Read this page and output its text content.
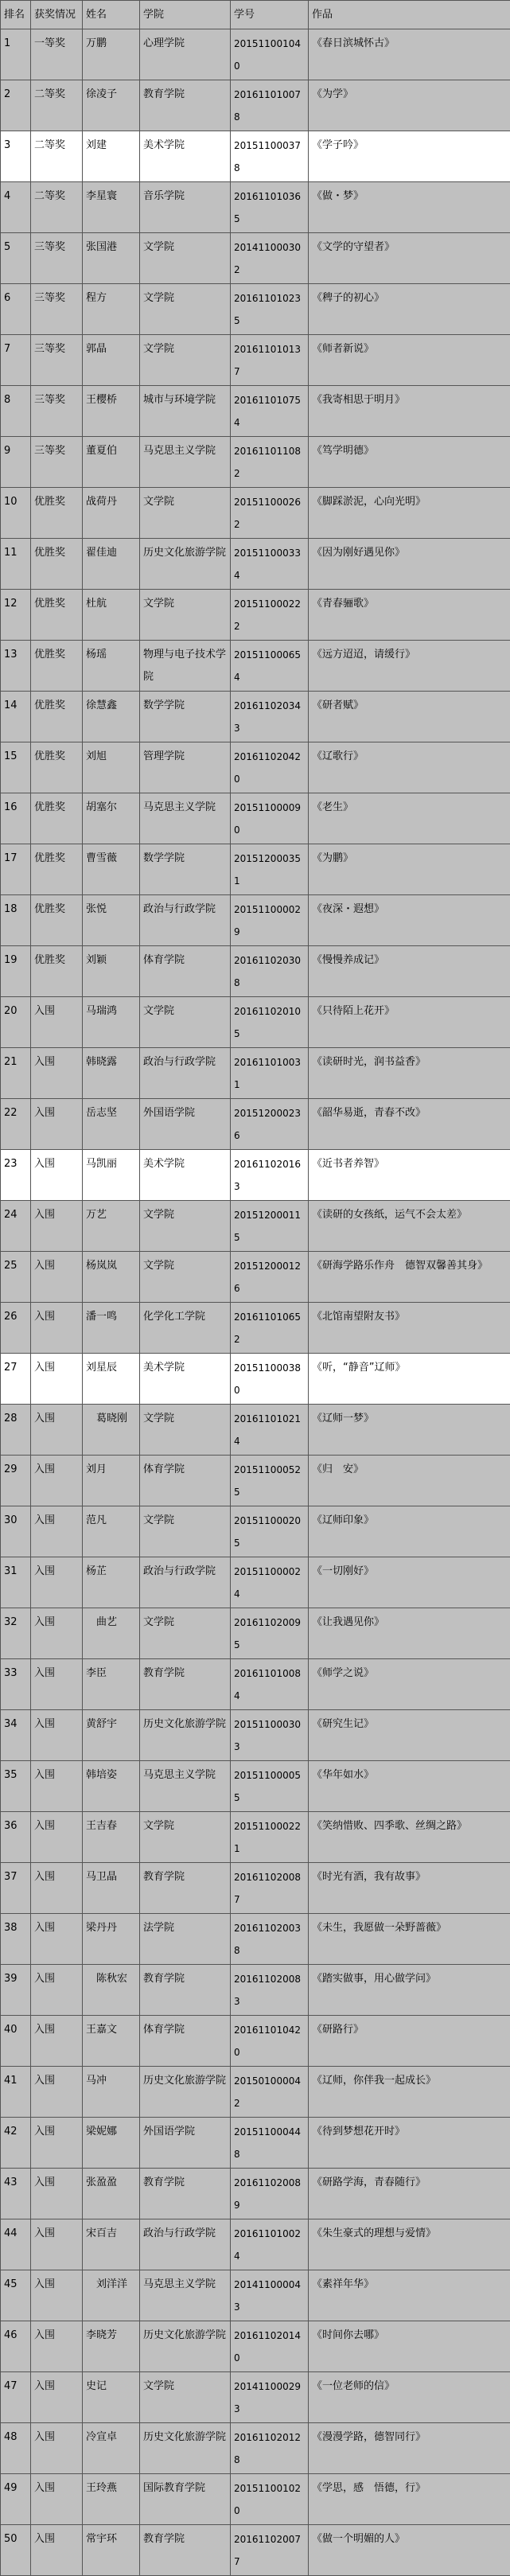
排名	获奖情况	姓名	学院	学号	作品
1	一等奖	万鹏	心理学院	201511001040	《春日滨城怀古》
2	二等奖	徐凌子	教育学院	201611010078	《为学》
3	二等奖	刘建	美术学院	201511000378	《学子吟》
4	二等奖	李星寰	音乐学院	201611010365	《做・梦》
5	三等奖	张国港	文学院	201411000302	《文学的守望者》
6	三等奖	程方	文学院	201611010235	《稗子的初心》
7	三等奖	郭晶	文学院	201611010137	《师者新说》
8	三等奖	王樱桥	城市与环境学院	201611010754	《我寄相思于明月》
9	三等奖	董夏伯	马克思主义学院	201611011082	《笃学明德》
10	优胜奖	战荷丹	文学院	201511000262	《脚踩淤泥，心向光明》
11	优胜奖	翟佳迪	历史文化旅游学院	201511000334	《因为刚好遇见你》
12	优胜奖	杜航	文学院	201511000222	《青春骊歌》
13	优胜奖	杨瑶	物理与电子技术学院	201511000654	《远方迢迢，请缓行》
14	优胜奖	徐慧鑫	数学学院	201611020343	《研者赋》
15	优胜奖	刘旭	管理学院	201611020420	《辽歌行》
16	优胜奖	胡塞尔	马克思主义学院	201511000090	《老生》
17	优胜奖	曹雪薇	数学学院	201512000351	《为鹏》
18	优胜奖	张悦	政治与行政学院	201511000029	《夜深・遐想》
19	优胜奖	刘颖	体育学院	201611020308	《慢慢养成记》
20	入围	马瑞鸿	文学院	201611020105	《只待陌上花开》
21	入围	韩晓露	政治与行政学院	201611010031	《读研时光，润书益香》
22	入围	岳志坚	外国语学院	201512000236	《韶华易逝，青春不改》
23	入围	马凯丽	美术学院	201611020163	《近书者养智》
24	入围	万艺	文学院	201512000115	《读研的女孩纸，运气不会太差》
25	入围	杨岚岚	文学院	201512000126	《研海学路乐作舟　德智双馨善其身》
26	入围	潘一鸣	化学化工学院	201611010652	《北馆南望附友书》
27	入围	刘星辰	美术学院	201511000380	《听，“静音”辽师》
28	入围	　葛晓刚	文学院	201611010214	《辽师一梦》
29	入围	刘月	体育学院	201511000525	《归　安》
30	入围	范凡	文学院	201511000205	《辽师印象》
31	入围	杨芷	政治与行政学院	201511000024	《一切刚好》
32	入围	　曲艺	文学院	201611020095	《让我遇见你》
33	入围	李臣	教育学院	201611010084	《师学之说》
34	入围	黄舒宇	历史文化旅游学院	201511000303	《研究生记》
35	入围	韩培姿	马克思主义学院	201511000055	《华年如水》
36	入围	王吉春	文学院	201511000221	《笑纳惜败、四季歌、丝绸之路》
37	入围	马卫晶	教育学院	201611020087	《时光有酒，我有故事》
38	入围	梁丹丹	法学院	201611020038	《未生，我愿做一朵野蔷薇》
39	入围	　陈秋宏	教育学院	201611020083	《踏实做事，用心做学问》
40	入围	王嘉文	体育学院	201611010420	《研路行》
41	入围	马冲	历史文化旅游学院	201501000042	《辽师，你伴我一起成长》
42	入围	梁妮娜	外国语学院	201511000448	《待到梦想花开时》
43	入围	张盈盈	教育学院	201611020089	《研路学海，青春随行》
44	入围	宋百吉	政治与行政学院	201611010024	《朱生豪式的理想与爱情》
45	入围	　刘洋洋	马克思主义学院	201411000043	《素祥年华》
46	入围	李晓芳	历史文化旅游学院	201611020140	《时间你去哪》
47	入围	史记	文学院	201411000293	《一位老师的信》
48	入围	冷宣卓	历史文化旅游学院	201611020128	《漫漫学路，德智同行》
49	入围	王玲燕	国际教育学院	201511001020	《学思，感　悟德，行》
50	入围	常宇环	教育学院	201611020077	《做一个明媚的人》
